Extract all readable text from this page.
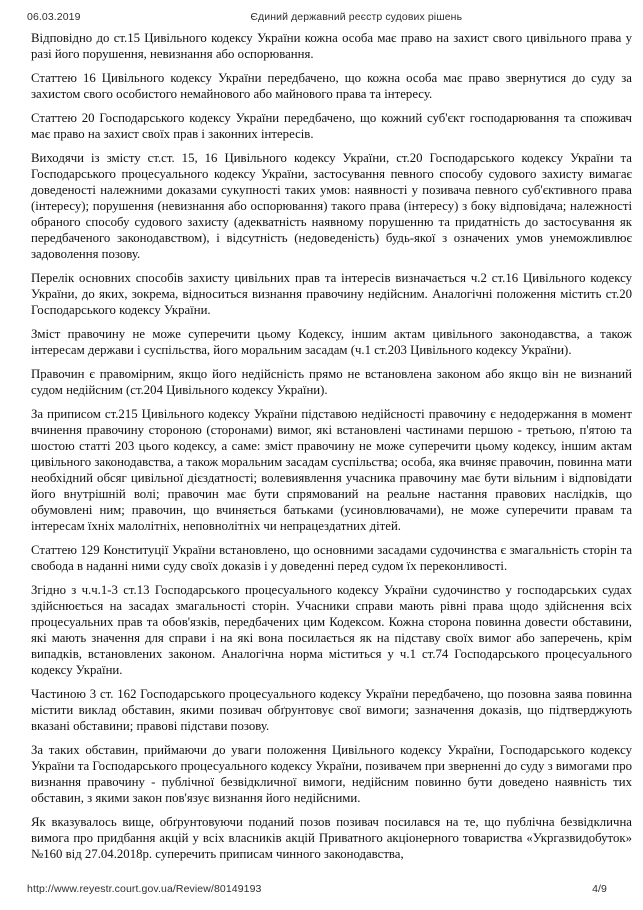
06.03.2019	Єдиний державний реєстр судових рішень

Відповідно до ст.15 Цивільного кодексу України кожна особа має право на захист свого цивільного права у разі його порушення, невизнання або оспорювання.

Статтею 16 Цивільного кодексу України передбачено, що кожна особа має право звернутися до суду за захистом свого особистого немайнового або майнового права та інтересу.

Статтею 20 Господарського кодексу України передбачено, що кожний суб'єкт господарювання та споживач має право на захист своїх прав і законних інтересів.

Виходячи із змісту ст.ст. 15, 16 Цивільного кодексу України, ст.20 Господарського кодексу України та Господарського процесуального кодексу України, застосування певного способу судового захисту вимагає доведеності належними доказами сукупності таких умов: наявності у позивача певного суб'єктивного права (інтересу); порушення (невизнання або оспорювання) такого права (інтересу) з боку відповідача; належності обраного способу судового захисту (адекватність наявному порушенню та придатність до застосування як передбаченого законодавством), і відсутність (недоведеність) будь-якої з означених умов унеможливлює задоволення позову.

Перелік основних способів захисту цивільних прав та інтересів визначається ч.2 ст.16 Цивільного кодексу України, до яких, зокрема, відноситься визнання правочину недійсним. Аналогічні положення містить ст.20 Господарського кодексу України.

Зміст правочину не може суперечити цьому Кодексу, іншим актам цивільного законодавства, а також інтересам держави і суспільства, його моральним засадам (ч.1 ст.203 Цивільного кодексу України).

Правочин є правомірним, якщо його недійсність прямо не встановлена законом або якщо він не визнаний судом недійсним (ст.204 Цивільного кодексу України).

За приписом ст.215 Цивільного кодексу України підставою недійсності правочину є недодержання в момент вчинення правочину стороною (сторонами) вимог, які встановлені частинами першою - третьою, п'ятою та шостою статті 203 цього кодексу, а саме: зміст правочину не може суперечити цьому кодексу, іншим актам цивільного законодавства, а також моральним засадам суспільства; особа, яка вчиняє правочин, повинна мати необхідний обсяг цивільної дієздатності; волевиявлення учасника правочину має бути вільним і відповідати його внутрішній волі; правочин має бути спрямований на реальне настання правових наслідків, що обумовлені ним; правочин, що вчиняється батьками (усиновлювачами), не може суперечити правам та інтересам їхніх малолітніх, неповнолітніх чи непрацездатних дітей.

Статтею 129 Конституції України встановлено, що основними засадами судочинства є змагальність сторін та свобода в наданні ними суду своїх доказів і у доведенні перед судом їх переконливості.

Згідно з ч.ч.1-3 ст.13 Господарського процесуального кодексу України судочинство у господарських судах здійснюється на засадах змагальності сторін. Учасники справи мають рівні права щодо здійснення всіх процесуальних прав та обов'язків, передбачених цим Кодексом. Кожна сторона повинна довести обставини, які мають значення для справи і на які вона посилається як на підставу своїх вимог або заперечень, крім випадків, встановлених законом. Аналогічна норма міститься у ч.1 ст.74 Господарського процесуального кодексу України.

Частиною 3 ст. 162 Господарського процесуального кодексу України передбачено, що позовна заява повинна містити виклад обставин, якими позивач обґрунтовує свої вимоги; зазначення доказів, що підтверджують вказані обставини; правові підстави позову.

За таких обставин, приймаючи до уваги положення Цивільного кодексу України, Господарського кодексу України та Господарського процесуального кодексу України, позивачем при зверненні до суду з вимогами про визнання правочину - публічної безвідкличної вимоги, недійсним повинно бути доведено наявність тих обставин, з якими закон пов'язує визнання його недійсними.

Як вказувалось вище, обґрунтовуючи поданий позов позивач посилався на те, що публічна безвідклична вимога про придбання акцій у всіх власників акцій Приватного акціонерного товариства «Укргазвидобуток» №160 від 27.04.2018р. суперечить приписам чинного законодавства,

http://www.reyestr.court.gov.ua/Review/80149193	4/9
